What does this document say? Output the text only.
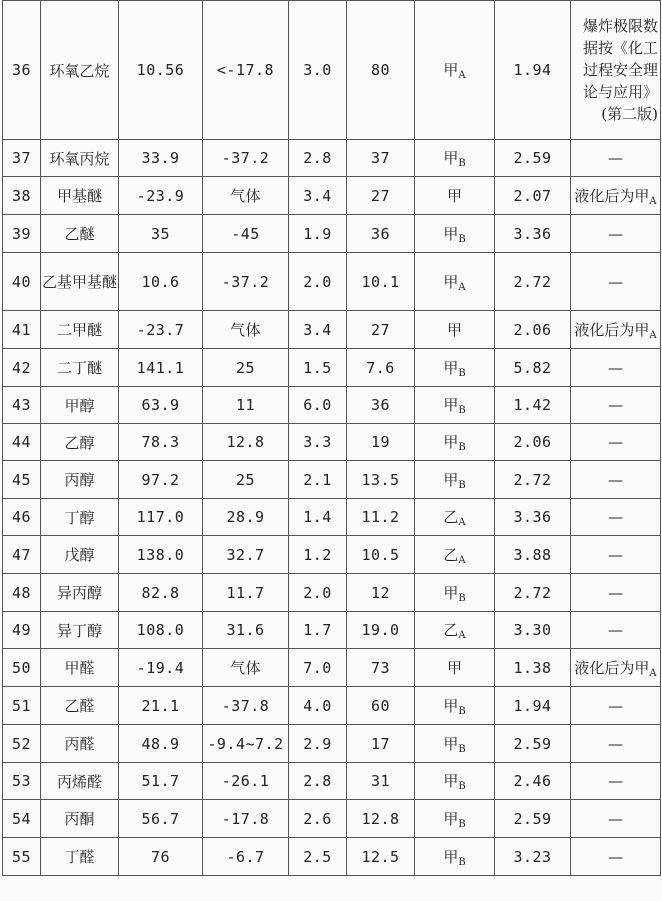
36	环氧乙烷	10.56	<-17.8	3.0	80	甲$_A$	1.94	爆炸极限数据按《化工过程安全理论与应用》(第二版)
37	环氧丙烷	33.9	-37.2	2.8	37	甲$_B$	2.59	—
38	甲基醚	-23.9	气体	3.4	27	甲	2.07	液化后为甲$_A$
39	乙醚	35	-45	1.9	36	甲$_B$	3.36	—
40	乙基甲基醚	10.6	-37.2	2.0	10.1	甲$_A$	2.72	—
41	二甲醚	-23.7	气体	3.4	27	甲	2.06	液化后为甲$_A$
42	二丁醚	141.1	25	1.5	7.6	甲$_B$	5.82	—
43	甲醇	63.9	11	6.0	36	甲$_B$	1.42	—
44	乙醇	78.3	12.8	3.3	19	甲$_B$	2.06	—
45	丙醇	97.2	25	2.1	13.5	甲$_B$	2.72	—
46	丁醇	117.0	28.9	1.4	11.2	乙$_A$	3.36	—
47	戊醇	138.0	32.7	1.2	10.5	乙$_A$	3.88	—
48	异丙醇	82.8	11.7	2.0	12	甲$_B$	2.72	—
49	异丁醇	108.0	31.6	1.7	19.0	乙$_A$	3.30	—
50	甲醛	-19.4	气体	7.0	73	甲	1.38	液化后为甲$_A$
51	乙醛	21.1	-37.8	4.0	60	甲$_B$	1.94	—
52	丙醛	48.9	-9.4~7.2	2.9	17	甲$_B$	2.59	—
53	丙烯醛	51.7	-26.1	2.8	31	甲$_B$	2.46	—
54	丙酮	56.7	-17.8	2.6	12.8	甲$_B$	2.59	—
55	丁醛	76	-6.7	2.5	12.5	甲$_B$	3.23	—
